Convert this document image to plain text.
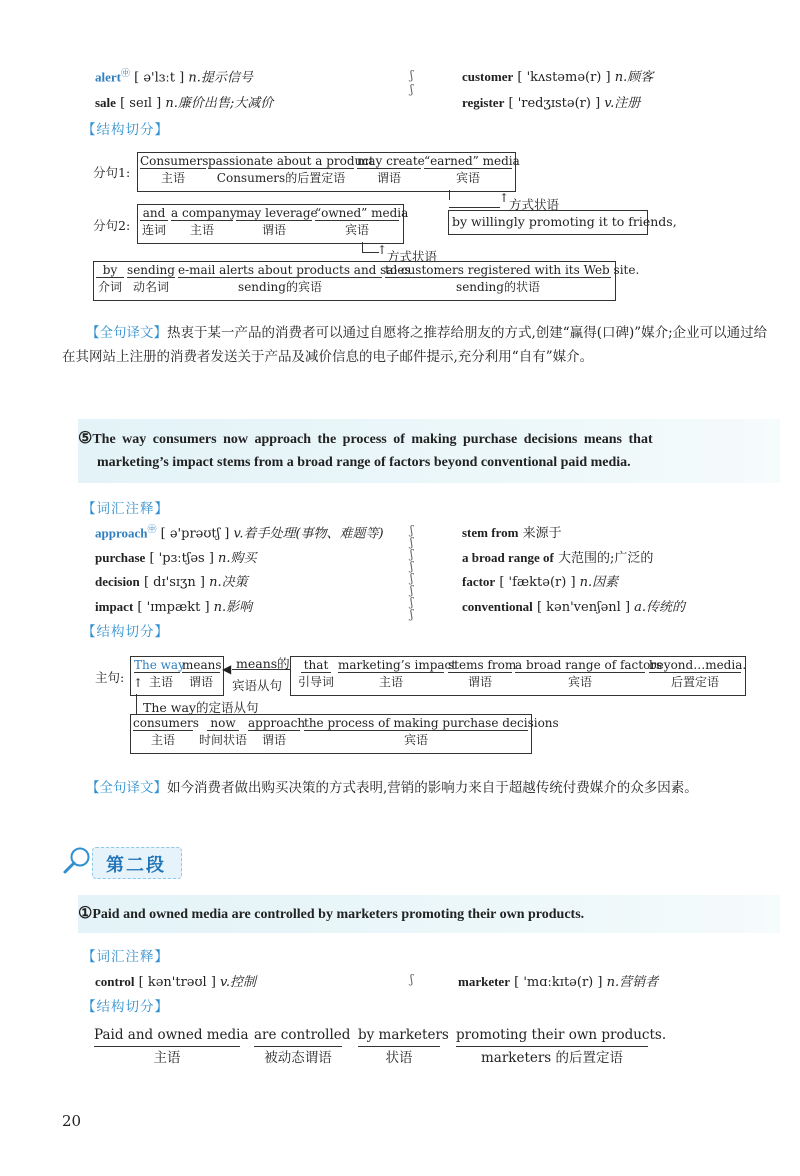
alert㊥ [ ə'lɜːt ] n.提示信号
sale [ seɪl ] n.廉价出售;大减价
ʃ
ʃ
customer [ 'kʌstəmə(r) ] n.顾客
register [ 'redʒɪstə(r) ] v.注册
【结构切分】
分句1:
Consumers
主语
passionate about a product
Consumers的后置定语
may create
谓语
“earned” media
宾语
↑ 方式状语
by willingly promoting it to friends,
分句2:
and
连词
a company
主语
may leverage
谓语
“owned” media
宾语
↑ 方式状语
by
介词
sending
动名词
e-mail alerts about products and sales
sending的宾语
to customers registered with its Web site.
sending的状语
【全句译文】热衷于某一产品的消费者可以通过自愿将之推荐给朋友的方式,创建“赢得(口碑)”媒介;企业可以通过给在其网站上注册的消费者发送关于产品及减价信息的电子邮件提示,充分利用“自有”媒介。
⑤The way consumers now approach the process of making purchase decisions means that
marketing’s impact stems from a broad range of factors beyond conventional paid media.
【词汇注释】
approach㊥ [ ə'prəʊtʃ ] v.着手处理(事物、难题等)
purchase [ 'pɜːtʃəs ] n.购买
decision [ dɪ'sɪʒn ] n.决策
impact [ 'ɪmpækt ] n.影响
ʃ
ʃ
ʃ
ʃ
ʃ
ʃ
ʃ
ʃ
stem from 来源于
a broad range of 大范围的;广泛的
factor [ 'fæktə(r) ] n.因素
conventional [ kən'venʃənl ] a.传统的
【结构切分】
主句: ↑
The way
主语
means
谓语
◀ means的
宾语从句
that
引导词
marketing’s impact
主语
stems from
谓语
a broad range of factors
宾语
beyond…media.
后置定语
The way的定语从句
consumers
主语
now
时间状语
approach
谓语
the process of making purchase decisions
宾语
【全句译文】如今消费者做出购买决策的方式表明,营销的影响力来自于超越传统付费媒介的众多因素。
第二段
①Paid and owned media are controlled by marketers promoting their own products.
【词汇注释】
control [ kən'trəʊl ] v.控制	ʃ	marketer [ 'mɑːkɪtə(r) ] n.营销者
【结构切分】
Paid and owned media
主语
are controlled
被动态谓语
by marketers
状语
promoting their own products.
marketers 的后置定语
20
